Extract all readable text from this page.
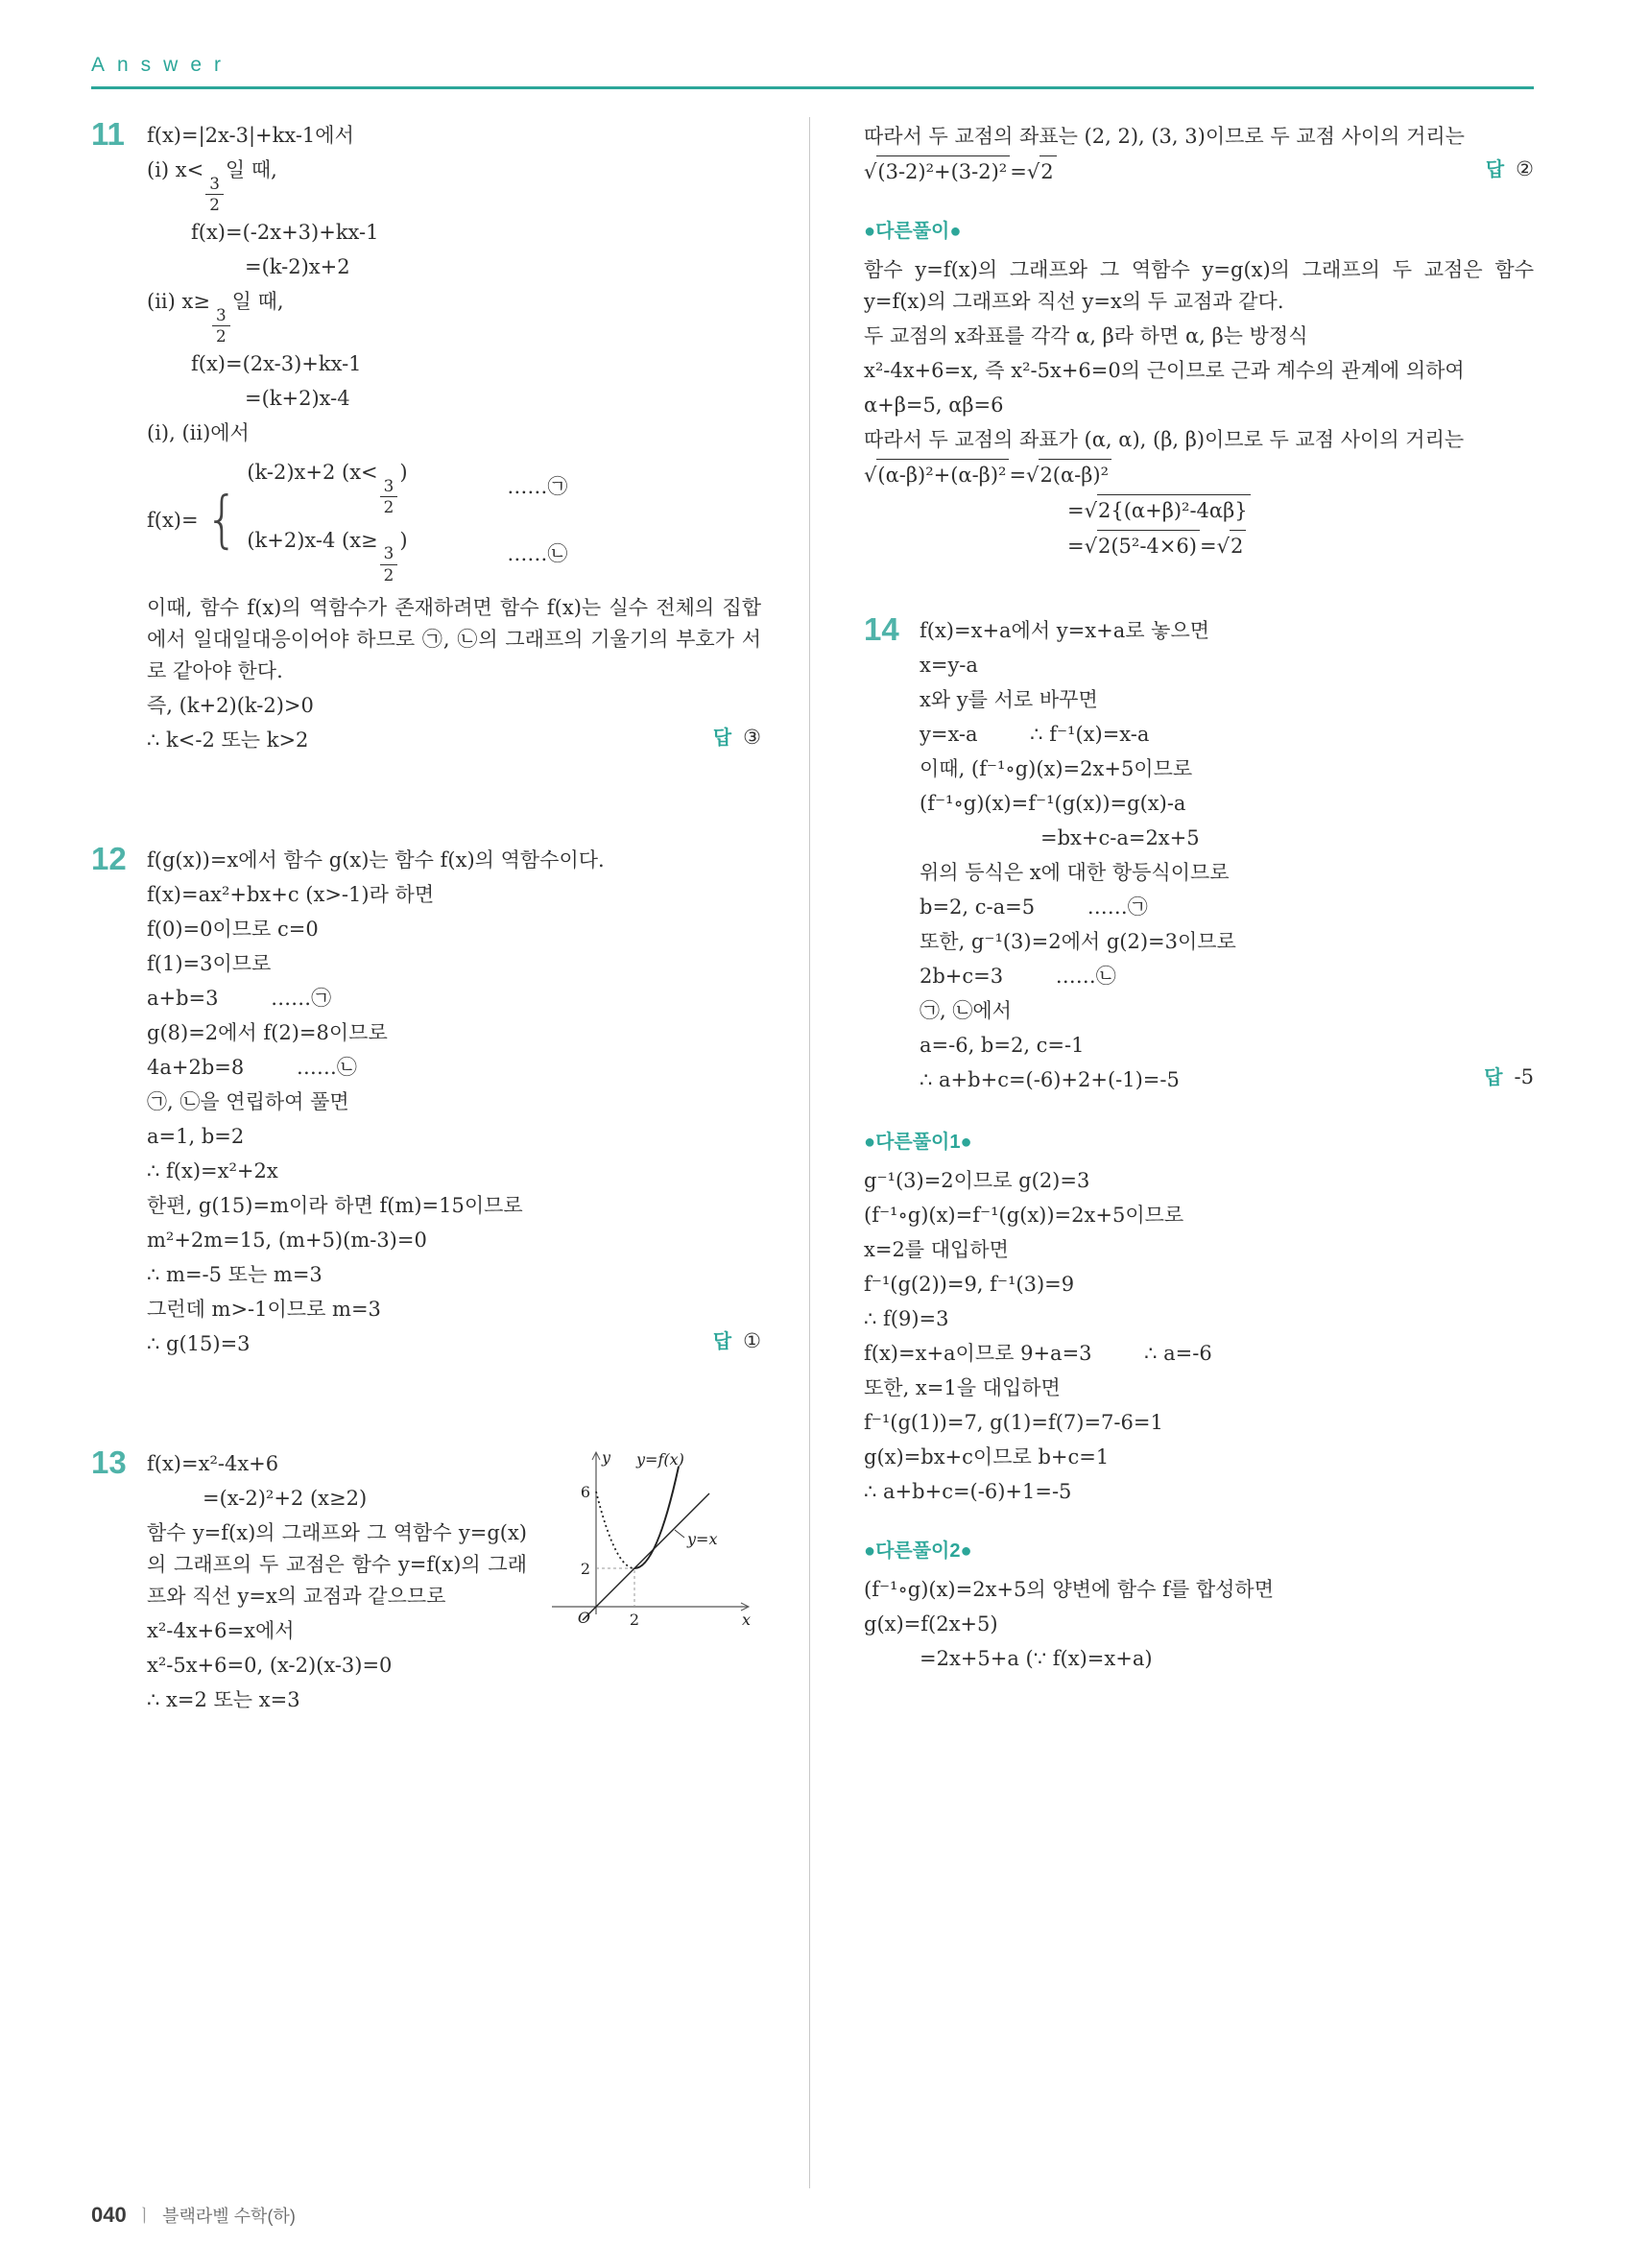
Answer
11	f(x)=|2x-3|+kx-1에서
(i) x<
$\frac{3}{2}$
일 때,
f(x)=(-2x+3)+kx-1
=(k-2)x+2
(ii) x≥
$\frac{3}{2}$
일 때,
f(x)=(2x-3)+kx-1
=(k+2)x-4
(i), (ii)에서
f(x)= {
(k-2)x+2 (x<
$\frac{3}{2}$
)
……㉠
(k+2)x-4 (x≥
$\frac{3}{2}$
)
……㉡
이때, 함수 f(x)의 역함수가 존재하려면 함수 f(x)는 실수 전체의 집합에서 일대일대응이어야 하므로 ㉠, ㉡의 그래프의 기울기의 부호가 서로 같아야 한다.
즉, (k+2)(k-2)>0
∴ k<-2 또는 k>2	답 ③
12	f(g(x))=x에서 함수 g(x)는 함수 f(x)의 역함수이다.
f(x)=ax²+bx+c (x>-1)라 하면
f(0)=0이므로 c=0
f(1)=3이므로
a+b=3	……㉠
g(8)=2에서 f(2)=8이므로
4a+2b=8	……㉡
㉠, ㉡을 연립하여 풀면
a=1, b=2
∴ f(x)=x²+2x
한편, g(15)=m이라 하면 f(m)=15이므로
m²+2m=15, (m+5)(m-3)=0
∴ m=-5 또는 m=3
그런데 m>-1이므로 m=3
∴ g(15)=3	답 ①
13	y
x
O
6
2
2
y=f(x)
y=x
f(x)=x²-4x+6
=(x-2)²+2 (x≥2)
함수 y=f(x)의 그래프와 그 역함수 y=g(x)의 그래프의 두 교점은 함수 y=f(x)의 그래프와 직선 y=x의 교점과 같으므로
x²-4x+6=x에서
x²-5x+6=0, (x-2)(x-3)=0
∴ x=2 또는 x=3
따라서 두 교점의 좌표는 (2, 2), (3, 3)이므로 두 교점 사이의 거리는
√(3-2)²+(3-2)² =√2	답 ②
●다른풀이●
함수 y=f(x)의 그래프와 그 역함수 y=g(x)의 그래프의 두 교점은 함수 y=f(x)의 그래프와 직선 y=x의 두 교점과 같다.
두 교점의 x좌표를 각각 α, β라 하면 α, β는 방정식
x²-4x+6=x, 즉 x²-5x+6=0의 근이므로 근과 계수의 관계에 의하여
α+β=5, αβ=6
따라서 두 교점의 좌표가 (α, α), (β, β)이므로 두 교점 사이의 거리는
√(α-β)²+(α-β)² =√2(α-β)²
=√2{(α+β)²-4αβ}
=√2(5²-4×6) =√2
14	f(x)=x+a에서 y=x+a로 놓으면
x=y-a
x와 y를 서로 바꾸면
y=x-a	∴ f⁻¹(x)=x-a
이때, (f⁻¹∘g)(x)=2x+5이므로
(f⁻¹∘g)(x)=f⁻¹(g(x))=g(x)-a
=bx+c-a=2x+5
위의 등식은 x에 대한 항등식이므로
b=2, c-a=5	……㉠
또한, g⁻¹(3)=2에서 g(2)=3이므로
2b+c=3	……㉡
㉠, ㉡에서
a=-6, b=2, c=-1
∴ a+b+c=(-6)+2+(-1)=-5	답 -5
●다른풀이1●
g⁻¹(3)=2이므로 g(2)=3
(f⁻¹∘g)(x)=f⁻¹(g(x))=2x+5이므로
x=2를 대입하면
f⁻¹(g(2))=9, f⁻¹(3)=9
∴ f(9)=3
f(x)=x+a이므로 9+a=3	∴ a=-6
또한, x=1을 대입하면
f⁻¹(g(1))=7, g(1)=f(7)=7-6=1
g(x)=bx+c이므로 b+c=1
∴ a+b+c=(-6)+1=-5
●다른풀이2●
(f⁻¹∘g)(x)=2x+5의 양변에 함수 f를 합성하면
g(x)=f(2x+5)
=2x+5+a (∵ f(x)=x+a)
040 ㅣ 블랙라벨 수학(하)
